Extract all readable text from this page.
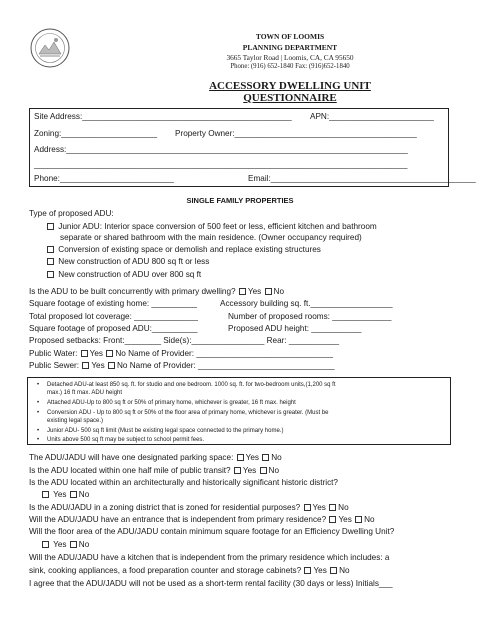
TOWN OF LOOMIS
PLANNING DEPARTMENT
3665 Taylor Road | Loomis, CA, CA 95650
Phone: (916) 652-1840 Fax: (916)652-1840
ACCESSORY DWELLING UNIT
QUESTIONNAIRE
Site Address:______________________________________________ APN:_______________________
Zoning:_____________________ Property Owner:________________________________________
Address:___________________________________________________________________________
__________________________________________________________________________________
Phone:_________________________	Email:_____________________________________________
SINGLE FAMILY PROPERTIES
Type of proposed ADU:
Junior ADU: Interior space conversion of 500 feet or less, efficient kitchen and bathroom
separate or shared bathroom with the main residence. (Owner occupancy required)
Conversion of existing space or demolish and replace existing structures
New construction of ADU 800 sq ft or less
New construction of ADU over 800 sq ft
Is the ADU to be built concurrently with primary dwelling? Yes No
Square footage of existing home: __________	Accessory building sq. ft.__________________
Total proposed lot coverage: ______________	Number of proposed rooms: _____________
Square footage of proposed ADU:__________	Proposed ADU height: ___________
Proposed setbacks: Front:________ Side(s):________________ Rear: ___________
Public Water: Yes No Name of Provider: ______________________________
Public Sewer: Yes No Name of Provider: ______________________________
• Detached ADU-at least 850 sq. ft. for studio and one bedroom. 1000 sq. ft. for two-bedroom units,(1,200 sq ft
max.) 16 ft max. ADU height
• Attached ADU-Up to 800 sq ft or 50% of primary home, whichever is greater, 16 ft max. height
• Conversion ADU - Up to 800 sq ft or 50% of the floor area of primary home, whichever is greater. (Must be
existing legal space.)
• Junior ADU- 500 sq ft limit (Must be existing legal space connected to the primary home.)
• Units above 500 sq ft may be subject to school permit fees.
The ADU/JADU will have one designated parking space: Yes No
Is the ADU located within one half mile of public transit? Yes No
Is the ADU located within an architecturally and historically significant historic district?
Yes No
Is the ADU/JADU in a zoning district that is zoned for residential purposes? Yes No
Will the ADU/JADU have an entrance that is independent from primary residence? Yes No
Will the floor area of the ADU/JADU contain minimum square footage for an Efficiency Dwelling Unit?
Yes No
Will the ADU/JADU have a kitchen that is independent from the primary residence which includes: a
sink, cooking appliances, a food preparation counter and storage cabinets? Yes No
I agree that the ADU/JADU will not be used as a short-term rental facility (30 days or less) Initials___
